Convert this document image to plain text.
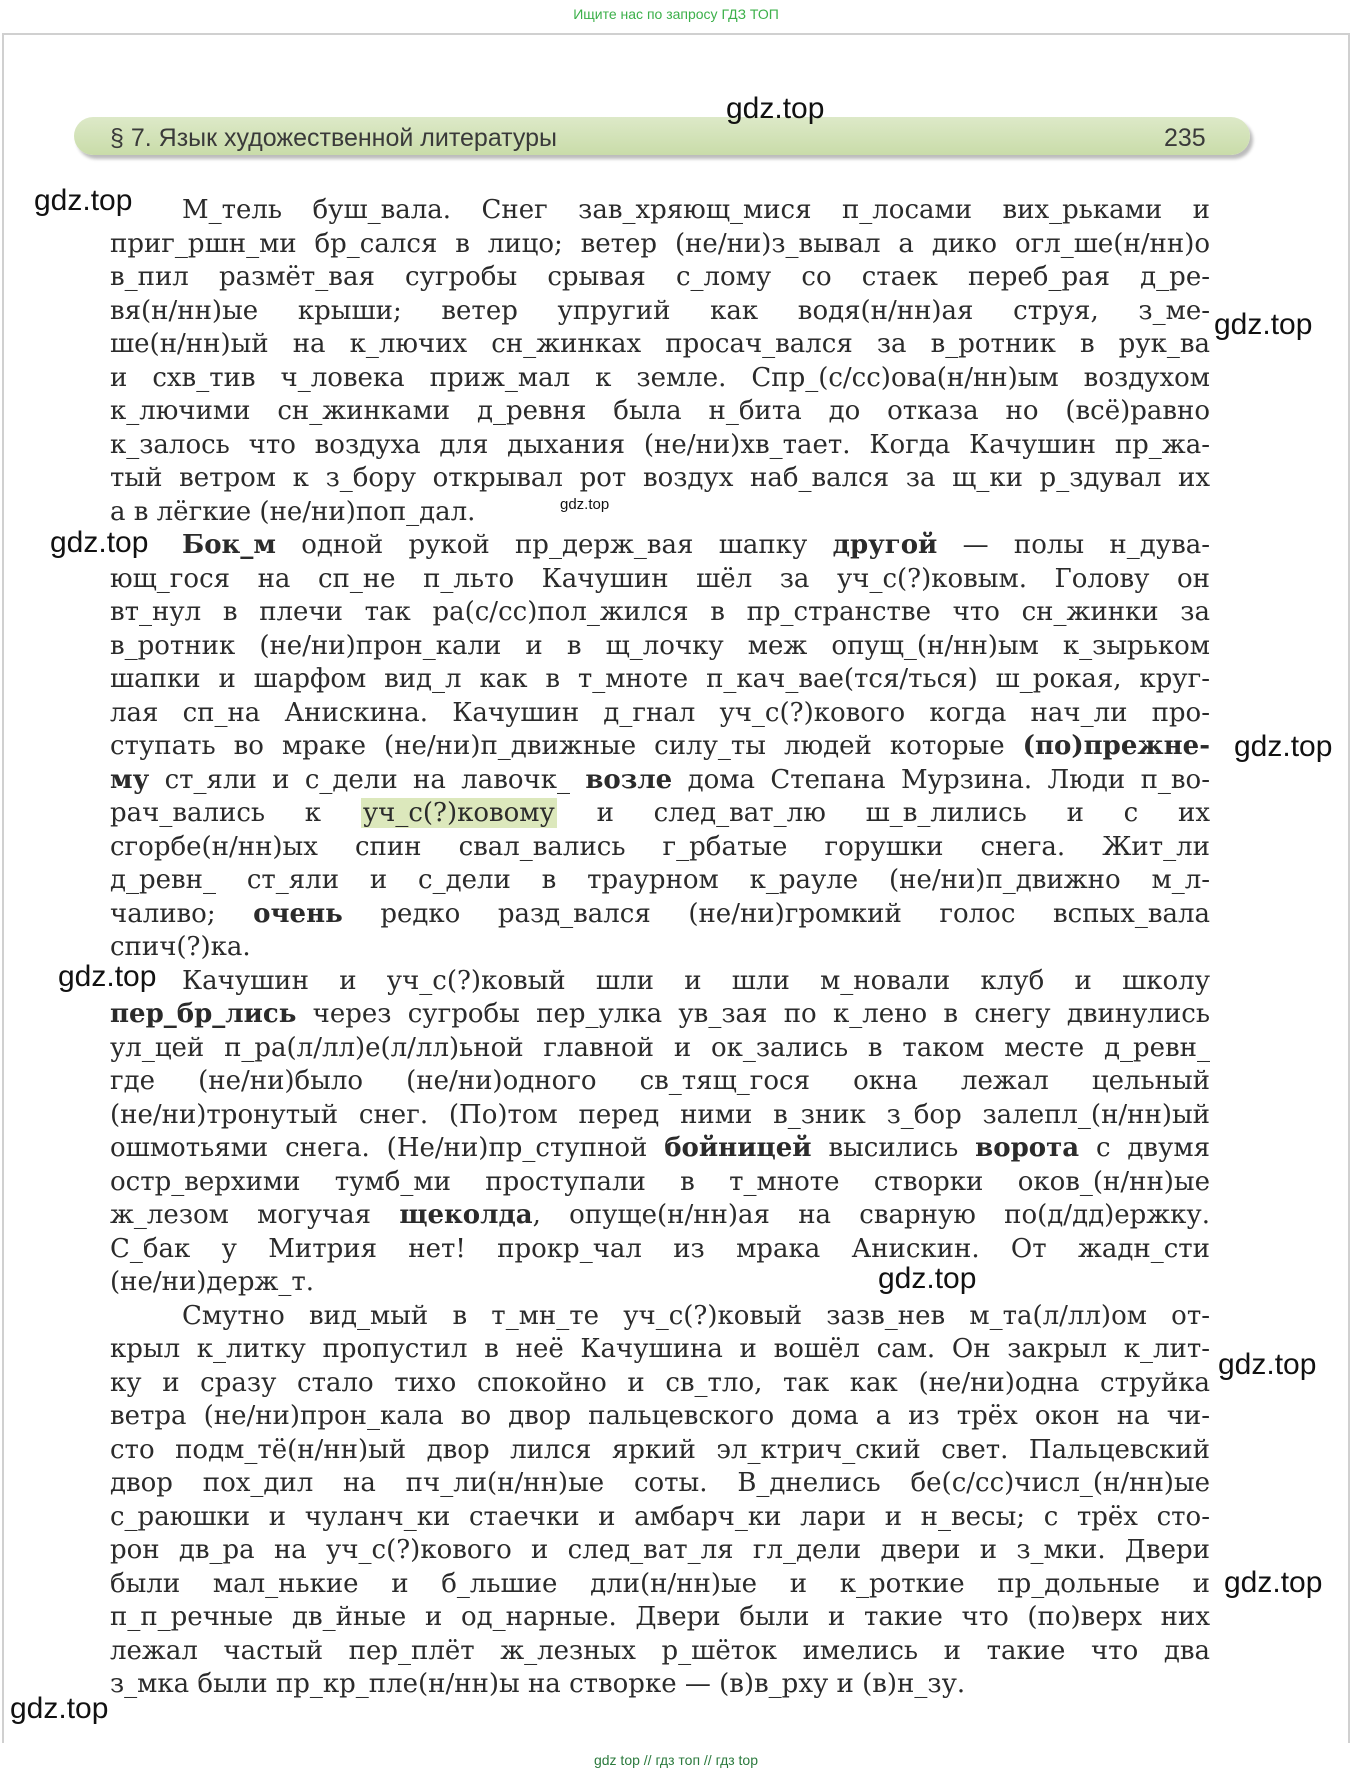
Ищите нас по запросу ГДЗ ТОП
§ 7. Язык художественной литературы	235
М_тель буш_вала. Снег зав_хряющ_мися п_лосами вих_рьками и
приг_ршн_ми бр_сался в лицо; ветер (не/ни)з_вывал а дико огл_ше(н/нн)о
в_пил размёт_вая сугробы срывая с_лому со стаек переб_рая д_ре-
вя(н/нн)ые крыши; ветер упругий как водя(н/нн)ая струя, з_ме-
ше(н/нн)ый на к_лючих сн_жинках просач_вался за в_ротник в рук_ва
и схв_тив ч_ловека приж_мал к земле. Спр_(с/сс)ова(н/нн)ым воздухом
к_лючими сн_жинками д_ревня была н_бита до отказа но (всё)равно
к_залось что воздуха для дыхания (не/ни)хв_тает. Когда Качушин пр_жа-
тый ветром к з_бору открывал рот воздух наб_вался за щ_ки р_здувал их
а в лёгкие (не/ни)поп_дал.
Бок_м одной рукой пр_держ_вая шапку другой — полы н_дува-
ющ_гося на сп_не п_льто Качушин шёл за уч_с(?)ковым. Голову он
вт_нул в плечи так ра(с/сс)пол_жился в пр_странстве что сн_жинки за
в_ротник (не/ни)прон_кали и в щ_лочку меж опущ_(н/нн)ым к_зырьком
шапки и шарфом вид_л как в т_мноте п_кач_вае(тся/ться) ш_рокая, круг-
лая сп_на Анискина. Качушин д_гнал уч_с(?)кового когда нач_ли про-
ступать во мраке (не/ни)п_движные силу_ты людей которые (по)прежне-
му ст_яли и с_дели на лавочк_ возле дома Степана Мурзина. Люди п_во-
рач_вались к уч_с(?)ковому и след_ват_лю ш_в_лились и с их
сгорбе(н/нн)ых спин свал_вались г_рбатые горушки снега. Жит_ли
д_ревн_ ст_яли и с_дели в траурном к_рауле (не/ни)п_движно м_л-
чаливо; очень редко разд_вался (не/ни)громкий голос вспых_вала
спич(?)ка.
Качушин и уч_с(?)ковый шли и шли м_новали клуб и школу
пер_бр_лись через сугробы пер_улка ув_зая по к_лено в снегу двинулись
ул_цей п_ра(л/лл)е(л/лл)ьной главной и ок_зались в таком месте д_ревн_
где (не/ни)было (не/ни)одного св_тящ_гося окна лежал цельный
(не/ни)тронутый снег. (По)том перед ними в_зник з_бор залепл_(н/нн)ый
ошмотьями снега. (Не/ни)пр_ступной бойницей высились ворота с двумя
остр_верхими тумб_ми проступали в т_мноте створки оков_(н/нн)ые
ж_лезом могучая щеколда, опуще(н/нн)ая на сварную по(д/дд)ержку.
С_бак у Митрия нет! прокр_чал из мрака Анискин. От жадн_сти
(не/ни)держ_т.
Смутно вид_мый в т_мн_те уч_с(?)ковый зазв_нев м_та(л/лл)ом от-
крыл к_литку пропустил в неё Качушина и вошёл сам. Он закрыл к_лит-
ку и сразу стало тихо спокойно и св_тло, так как (не/ни)одна струйка
ветра (не/ни)прон_кала во двор пальцевского дома а из трёх окон на чи-
сто подм_тё(н/нн)ый двор лился яркий эл_ктрич_ский свет. Пальцевский
двор пох_дил на пч_ли(н/нн)ые соты. В_днелись бе(с/сс)числ_(н/нн)ые
с_раюшки и чуланч_ки стаечки и амбарч_ки лари и н_весы; с трёх сто-
рон дв_ра на уч_с(?)кового и след_ват_ля гл_дели двери и з_мки. Двери
были мал_нькие и б_льшие дли(н/нн)ые и к_роткие пр_дольные и
п_п_речные дв_йные и од_нарные. Двери были и такие что (по)верх них
лежал частый пер_плёт ж_лезных р_шёток имелись и такие что два
з_мка были пр_кр_пле(н/нн)ы на створке — (в)в_рху и (в)н_зу.
gdz.top
gdz.top
gdz.top
gdz.top
gdz.top
gdz.top
gdz.top
gdz.top
gdz.top
gdz.top
gdz.top
gdz top // гдз топ // гдз top
